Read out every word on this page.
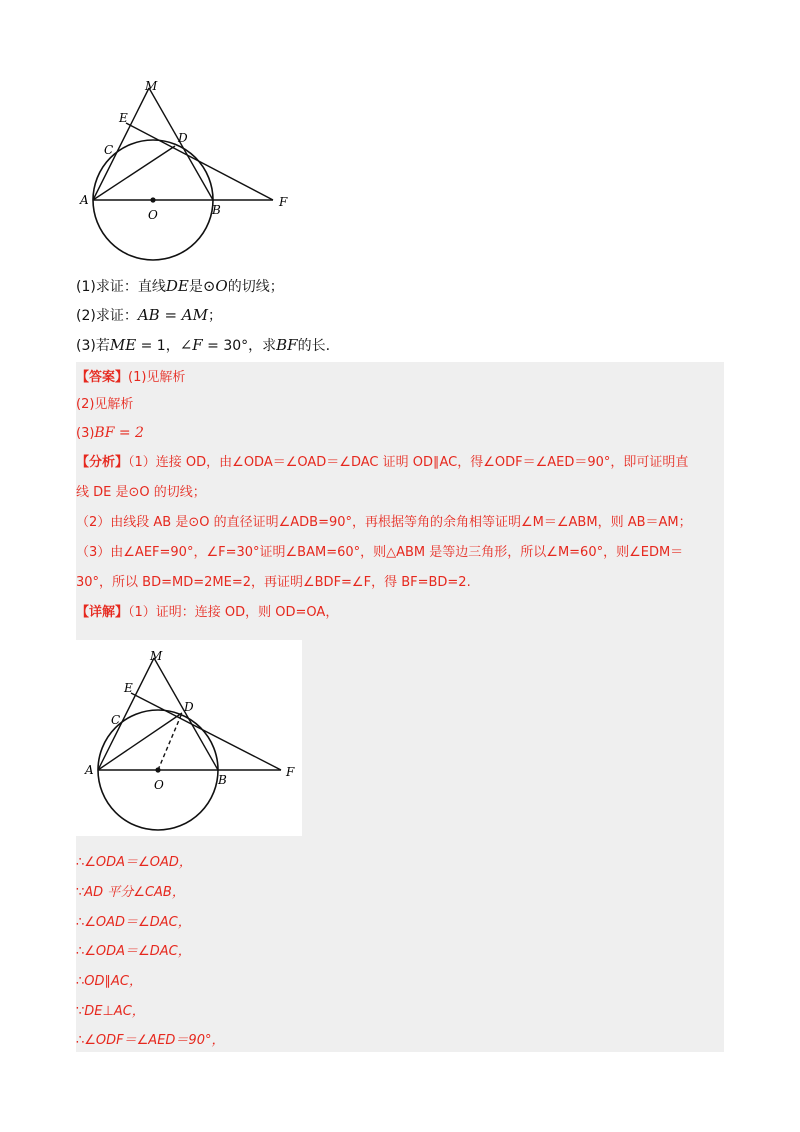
M
E
C
D
A
O	B
F
(1)求证：直线DE是⊙O的切线；
(2)求证：AB = AM；
(3)若ME = 1，∠F = 30°，求BF的长.
【答案】(1)见解析
(2)见解析
(3)BF = 2
【分析】（1）连接 OD，由∠ODA＝∠OAD＝∠DAC 证明 OD∥AC，得∠ODF＝∠AED＝90°，即可证明直
线 DE 是⊙O 的切线；
（2）由线段 AB 是⊙O 的直径证明∠ADB=90°，再根据等角的余角相等证明∠M＝∠ABM，则 AB＝AM；
（3）由∠AEF=90°，∠F=30°证明∠BAM=60°，则△ABM 是等边三角形，所以∠M=60°，则∠EDM＝
30°，所以 BD=MD=2ME=2，再证明∠BDF=∠F，得 BF=BD=2.
【详解】（1）证明：连接 OD，则 OD=OA，
M
E
C
D
A
O	B
F
∴∠ODA＝∠OAD，
∵AD 平分∠CAB，
∴∠OAD＝∠DAC，
∴∠ODA＝∠DAC，
∴OD∥AC，
∵DE⊥AC，
∴∠ODF＝∠AED＝90°，
